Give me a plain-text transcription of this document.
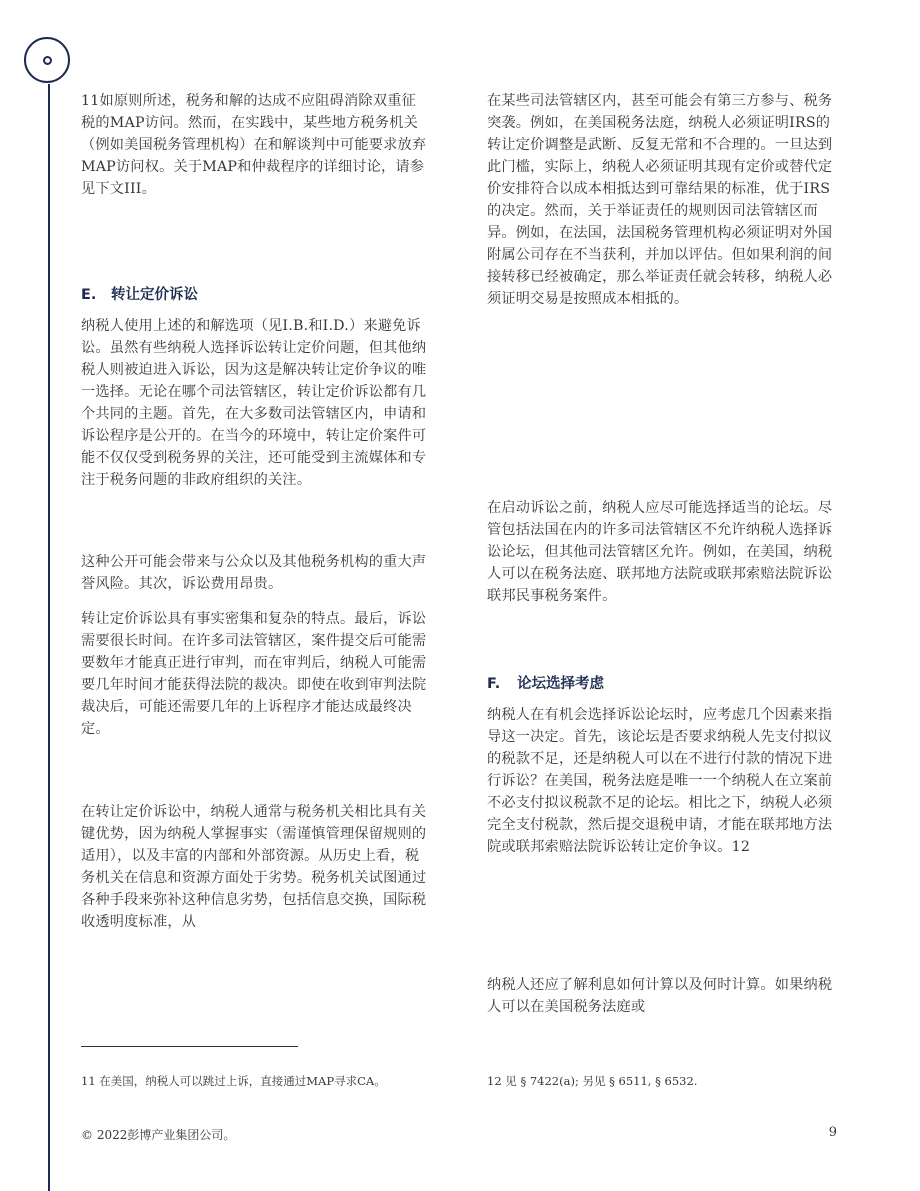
11如原则所述，税务和解的达成不应阻碍消除双重征税的MAP访问。然而，在实践中，某些地方税务机关（例如美国税务管理机构）在和解谈判中可能要求放弃MAP访问权。关于MAP和仲裁程序的详细讨论，请参见下文III。

E. 转让定价诉讼

纳税人使用上述的和解选项（见I.B.和I.D.）来避免诉讼。虽然有些纳税人选择诉讼转让定价问题，但其他纳税人则被迫进入诉讼，因为这是解决转让定价争议的唯一选择。无论在哪个司法管辖区，转让定价诉讼都有几个共同的主题。首先，在大多数司法管辖区内，申请和诉讼程序是公开的。在当今的环境中，转让定价案件可能不仅仅受到税务界的关注，还可能受到主流媒体和专注于税务问题的非政府组织的关注。

这种公开可能会带来与公众以及其他税务机构的重大声誉风险。其次，诉讼费用昂贵。

转让定价诉讼具有事实密集和复杂的特点。最后，诉讼需要很长时间。在许多司法管辖区，案件提交后可能需要数年才能真正进行审判，而在审判后，纳税人可能需要几年时间才能获得法院的裁决。即使在收到审判法院裁决后，可能还需要几年的上诉程序才能达成最终决定。

在转让定价诉讼中，纳税人通常与税务机关相比具有关键优势，因为纳税人掌握事实（需谨慎管理保留规则的适用），以及丰富的内部和外部资源。从历史上看，税务机关在信息和资源方面处于劣势。税务机关试图通过各种手段来弥补这种信息劣势，包括信息交换，国际税收透明度标准，从

11 在美国，纳税人可以跳过上诉，直接通过MAP寻求CA。

在某些司法管辖区内，甚至可能会有第三方参与、税务突袭。例如，在美国税务法庭，纳税人必须证明IRS的转让定价调整是武断、反复无常和不合理的。一旦达到此门槛，实际上，纳税人必须证明其现有定价或替代定价安排符合以成本相抵达到可靠结果的标准，优于IRS的决定。然而，关于举证责任的规则因司法管辖区而异。例如，在法国，法国税务管理机构必须证明对外国附属公司存在不当获利，并加以评估。但如果利润的间接转移已经被确定，那么举证责任就会转移，纳税人必须证明交易是按照成本相抵的。

在启动诉讼之前，纳税人应尽可能选择适当的论坛。尽管包括法国在内的许多司法管辖区不允许纳税人选择诉讼论坛，但其他司法管辖区允许。例如，在美国，纳税人可以在税务法庭、联邦地方法院或联邦索赔法院诉讼联邦民事税务案件。

F. 论坛选择考虑

纳税人在有机会选择诉讼论坛时，应考虑几个因素来指导这一决定。首先，该论坛是否要求纳税人先支付拟议的税款不足，还是纳税人可以在不进行付款的情况下进行诉讼？在美国，税务法庭是唯一一个纳税人在立案前不必支付拟议税款不足的论坛。相比之下，纳税人必须完全支付税款，然后提交退税申请，才能在联邦地方法院或联邦索赔法院诉讼转让定价争议。12

纳税人还应了解利息如何计算以及何时计算。如果纳税人可以在美国税务法庭或

12 见 § 7422(a); 另见 § 6511, § 6532.

© 2022彭博产业集团公司。	9
